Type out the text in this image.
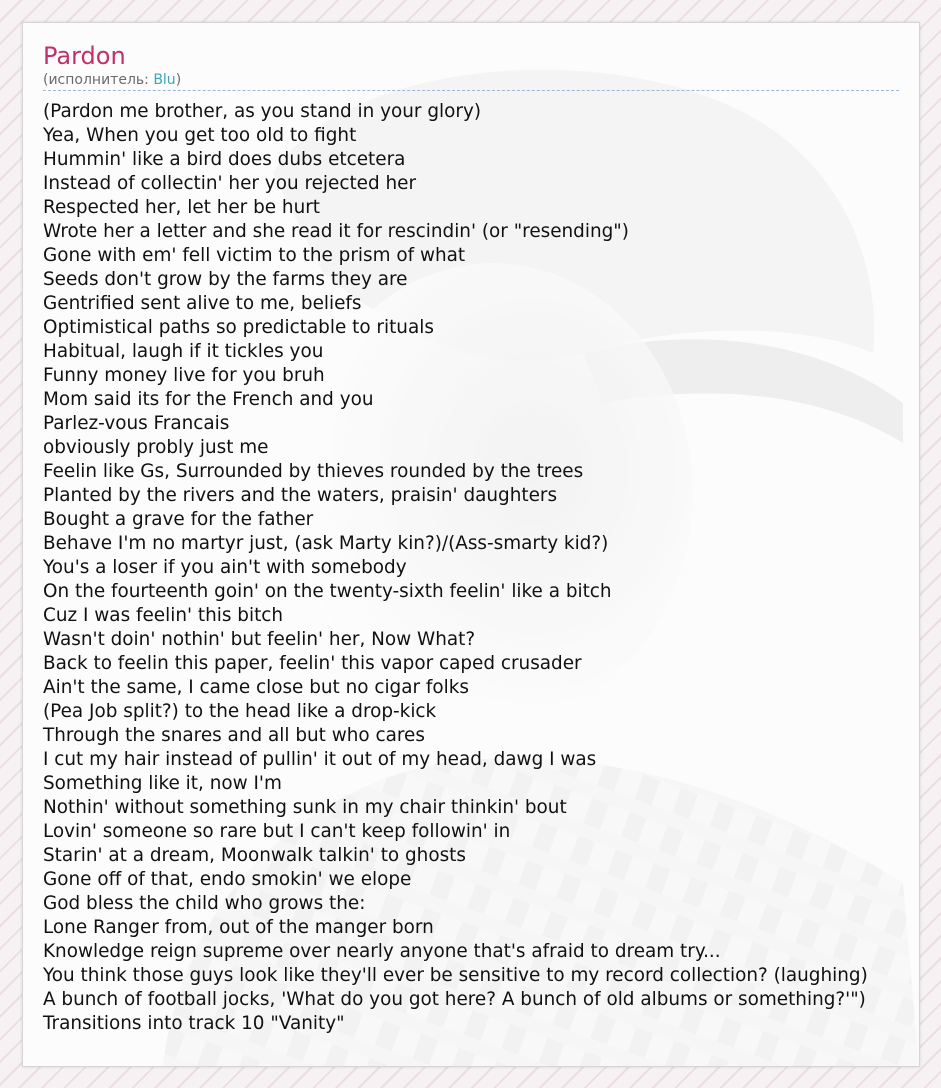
Pardon
(исполнитель: Blu)
(Pardon me brother, as you stand in your glory)
Yea, When you get too old to fight
Hummin' like a bird does dubs etcetera
Instead of collectin' her you rejected her
Respected her, let her be hurt
Wrote her a letter and she read it for rescindin' (or "resending")
Gone with em' fell victim to the prism of what
Seeds don't grow by the farms they are
Gentrified sent alive to me, beliefs
Optimistical paths so predictable to rituals
Habitual, laugh if it tickles you
Funny money live for you bruh
Mom said its for the French and you
Parlez-vous Francais
obviously probly just me
Feelin like Gs, Surrounded by thieves rounded by the trees
Planted by the rivers and the waters, praisin' daughters
Bought a grave for the father
Behave I'm no martyr just, (ask Marty kin?)/(Ass-smarty kid?)
You's a loser if you ain't with somebody
On the fourteenth goin' on the twenty-sixth feelin' like a bitch
Cuz I was feelin' this bitch
Wasn't doin' nothin' but feelin' her, Now What?
Back to feelin this paper, feelin' this vapor caped crusader
Ain't the same, I came close but no cigar folks
(Pea Job split?) to the head like a drop-kick
Through the snares and all but who cares
I cut my hair instead of pullin' it out of my head, dawg I was
Something like it, now I'm
Nothin' without something sunk in my chair thinkin' bout
Lovin' someone so rare but I can't keep followin' in
Starin' at a dream, Moonwalk talkin' to ghosts
Gone off of that, endo smokin' we elope
God bless the child who grows the:
Lone Ranger from, out of the manger born
Knowledge reign supreme over nearly anyone that's afraid to dream try...
You think those guys look like they'll ever be sensitive to my record collection? (laughing)
A bunch of football jocks, 'What do you got here? A bunch of old albums or something?'")
Transitions into track 10 "Vanity"
